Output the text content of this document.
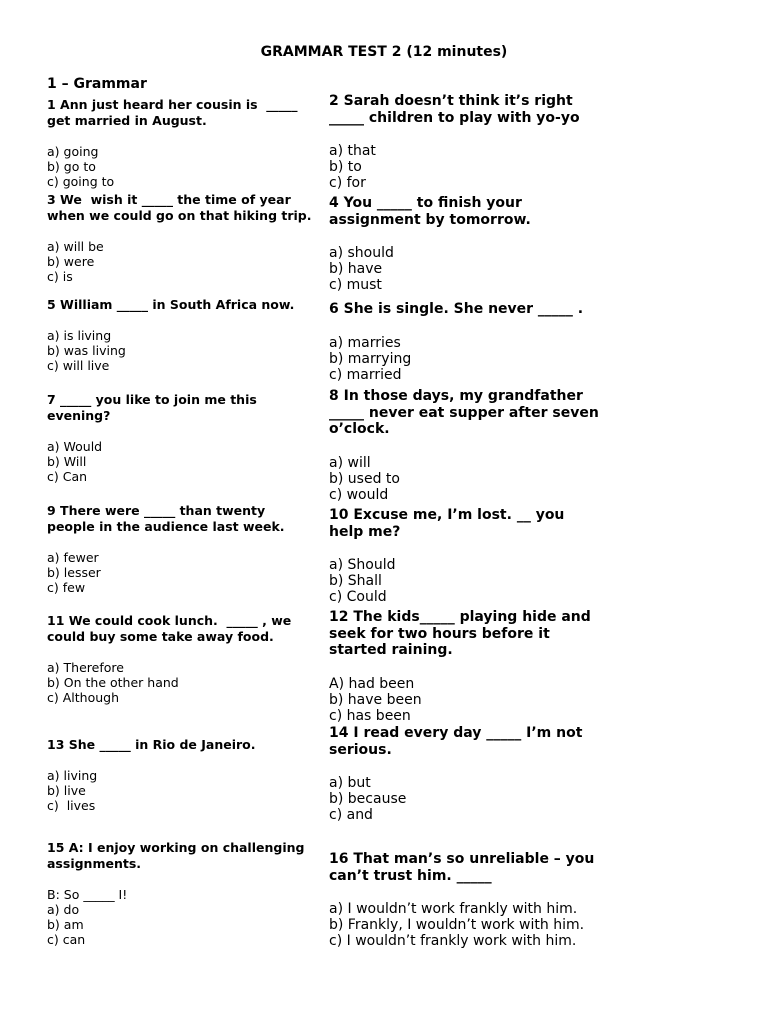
GRAMMAR TEST 2 (12 minutes)
1 – Grammar

1 Ann just heard her cousin is  _____
get married in August.

a) going
b) go to
c) going to

3 We  wish it _____ the time of year
when we could go on that hiking trip.

a) will be
b) were
c) is

5 William _____ in South Africa now.

a) is living
b) was living
c) will live

7 _____ you like to join me this
evening?

a) Would
b) Will
c) Can

9 There were _____ than twenty
people in the audience last week.

a) fewer
b) lesser
c) few

11 We could cook lunch.  _____ , we
could buy some take away food.

a) Therefore
b) On the other hand
c) Although

13 She _____ in Rio de Janeiro.

a) living
b) live
c)  lives

15 A: I enjoy working on challenging
assignments.

B: So _____ I!
a) do
b) am
c) can

2 Sarah doesn’t think it’s right
_____ children to play with yo-yo

a) that
b) to
c) for

4 You _____ to finish your
assignment by tomorrow.

a) should
b) have
c) must

6 She is single. She never _____ .

a) marries
b) marrying
c) married

8 In those days, my grandfather
_____ never eat supper after seven
o’clock.

a) will
b) used to
c) would

10 Excuse me, I’m lost. __ you
help me?

a) Should
b) Shall
c) Could

12 The kids_____ playing hide and
seek for two hours before it
started raining.

A) had been
b) have been
c) has been

14 I read every day _____ I’m not
serious.

a) but
b) because
c) and

16 That man’s so unreliable – you
can’t trust him. _____

a) I wouldn’t work frankly with him.
b) Frankly, I wouldn’t work with him.
c) I wouldn’t frankly work with him.
